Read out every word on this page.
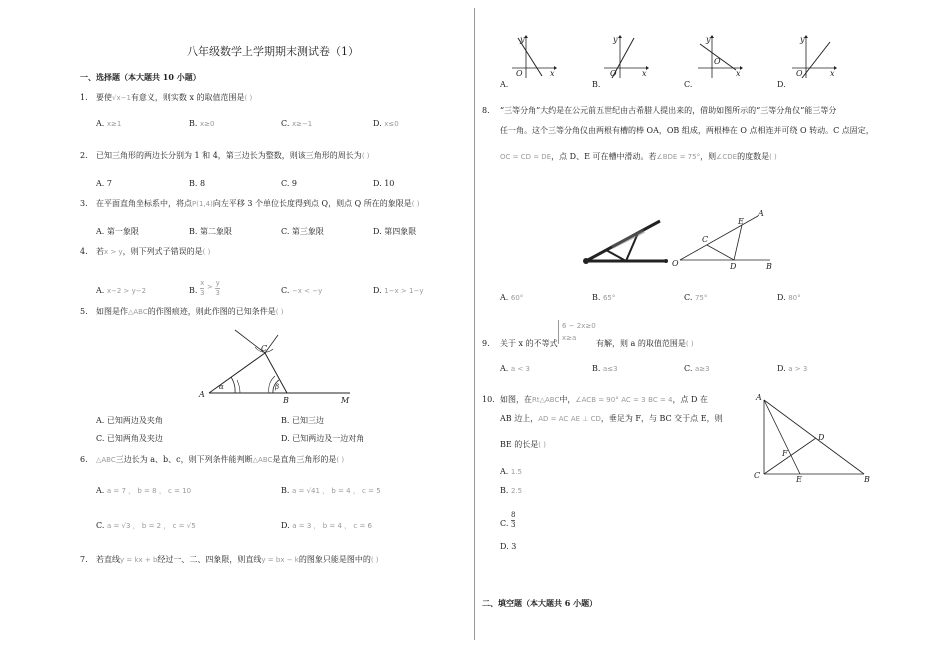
八年级数学上学期期末测试卷（1）
一、选择题（本大题共 10 小题）
1. 要使√x−1有意义，则实数 x 的取值范围是( )
A. x≥1	B. x≥0	C. x≥−1	D. x≤0
2. 已知三角形的两边长分别为 1 和 4，第三边长为整数，则该三角形的周长为( )
A. 7	B. 8	C. 9	D. 10
3. 在平面直角坐标系中，将点P(1,4)向左平移 3 个单位长度得到点 Q，则点 Q 所在的象限是( )
A. 第一象限	B. 第二象限	C. 第三象限	D. 第四象限
4. 若x > y，则下列式子错误的是( )
A. x−2 > y−2	B. $\frac{x}{3} > \frac{y}{3}$	C. −x < −y	D. 1−x > 1−y
5. 如图是作△ABC的作图痕迹，则此作图的已知条件是( )
A
B
C
M
α	β
A. 已知两边及夹角	B. 已知三边
C. 已知两角及夹边	D. 已知两边及一边对角
6. △ABC三边长为 a、b、c，则下列条件能判断△ABC是直角三角形的是( )
A. a = 7 ， b = 8 ， c = 10	B. a = √41 ， b = 4 ， c = 5
C. a = √3 ， b = 2 ， c = √5	D. a = 3 ， b = 4 ， c = 6
7. 若直线y = kx + b经过一、二、四象限，则直线y = bx − k的图象只能是图中的( )
y
x
O
y
x
O
y
x
O
y
x
O
A.	B.	C.	D.
8. “三等分角”大约是在公元前五世纪由古希腊人提出来的，借助如图所示的“三等分角仪”能三等分
任一角。这个三等分角仪由两根有槽的棒 OA，OB 组成，两根棒在 O 点相连并可绕 O 转动。C 点固定，
OC = CD = DE，点 D、E 可在槽中滑动。若∠BDE = 75°，则∠CDE的度数是( )
O
C
D
E
A
B
A. 60°	B. 65°	C. 75°	D. 80°
9. 关于 x 的不等式
6 − 2x≥0
x≥a
有解，则 a 的取值范围是( )
A. a < 3	B. a≤3	C. a≥3	D. a > 3
10. 如图，在Rt△ABC中，∠ACB = 90° AC = 3 BC = 4，点 D 在
AB 边上，AD = AC AE ⊥ CD，垂足为 F，与 BC 交于点 E，则
BE 的长是( )
A
B
C
D
E
F
A. 1.5
B. 2.5
C. $\frac{8}{3}$
D. 3
二、填空题（本大题共 6 小题）
